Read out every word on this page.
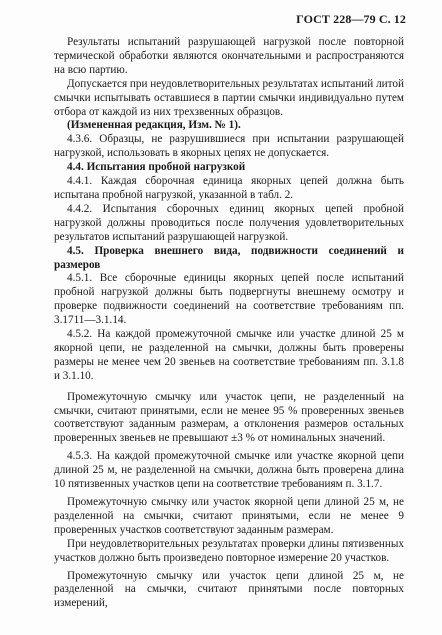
ГОСТ 228—79 С. 12

Результаты испытаний разрушающей нагрузкой после повторной термической обработки являются окончательными и распространяются на всю партию.

Допускается при неудовлетворительных результатах испытаний литой смычки испытывать оставшиеся в партии смычки индивидуально путем отбора от каждой из них трехзвенных образцов.

(Измененная редакция, Изм. № 1).

4.3.6. Образцы, не разрушившиеся при испытании разрушающей нагрузкой, использовать в якорных цепях не допускается.

4.4. Испытания пробной нагрузкой

4.4.1. Каждая сборочная единица якорных цепей должна быть испытана пробной нагрузкой, указанной в табл. 2.

4.4.2. Испытания сборочных единиц якорных цепей пробной нагрузкой должны проводиться после получения удовлетворительных результатов испытаний разрушающей нагрузкой.

4.5. Проверка внешнего вида, подвижности соединений и размеров

4.5.1. Все сборочные единицы якорных цепей после испытаний пробной нагрузкой должны быть подвергнуты внешнему осмотру и проверке подвижности соединений на соответствие требованиям пп. 3.1711—3.1.14.

4.5.2. На каждой промежуточной смычке или участке длиной 25 м якорной цепи, не разделенной на смычки, должны быть проверены размеры не менее чем 20 звеньев на соответствие требованиям пп. 3.1.8 и 3.1.10.

Промежуточную смычку или участок цепи, не разделенный на смычки, считают принятыми, если не менее 95 % проверенных звеньев соответствуют заданным размерам, а отклонения размеров остальных проверенных звеньев не превышают ±3 % от номинальных значений.

4.5.3. На каждой промежуточной смычке или участке якорной цепи длиной 25 м, не разделенной на смычки, должна быть проверена длина 10 пятизвенных участков цепи на соответствие требованиям п. 3.1.7.

Промежуточную смычку или участок якорной цепи длиной 25 м, не разделенной на смычки, считают принятыми, если не менее 9 проверенных участков соответствуют заданным размерам.

При неудовлетворительных результатах проверки длины пятизвенных участков должно быть произведено повторное измерение 20 участков.

Промежуточную смычку или участок цепи длиной 25 м, не разделенной на смычки, считают принятыми после повторных измерений,
